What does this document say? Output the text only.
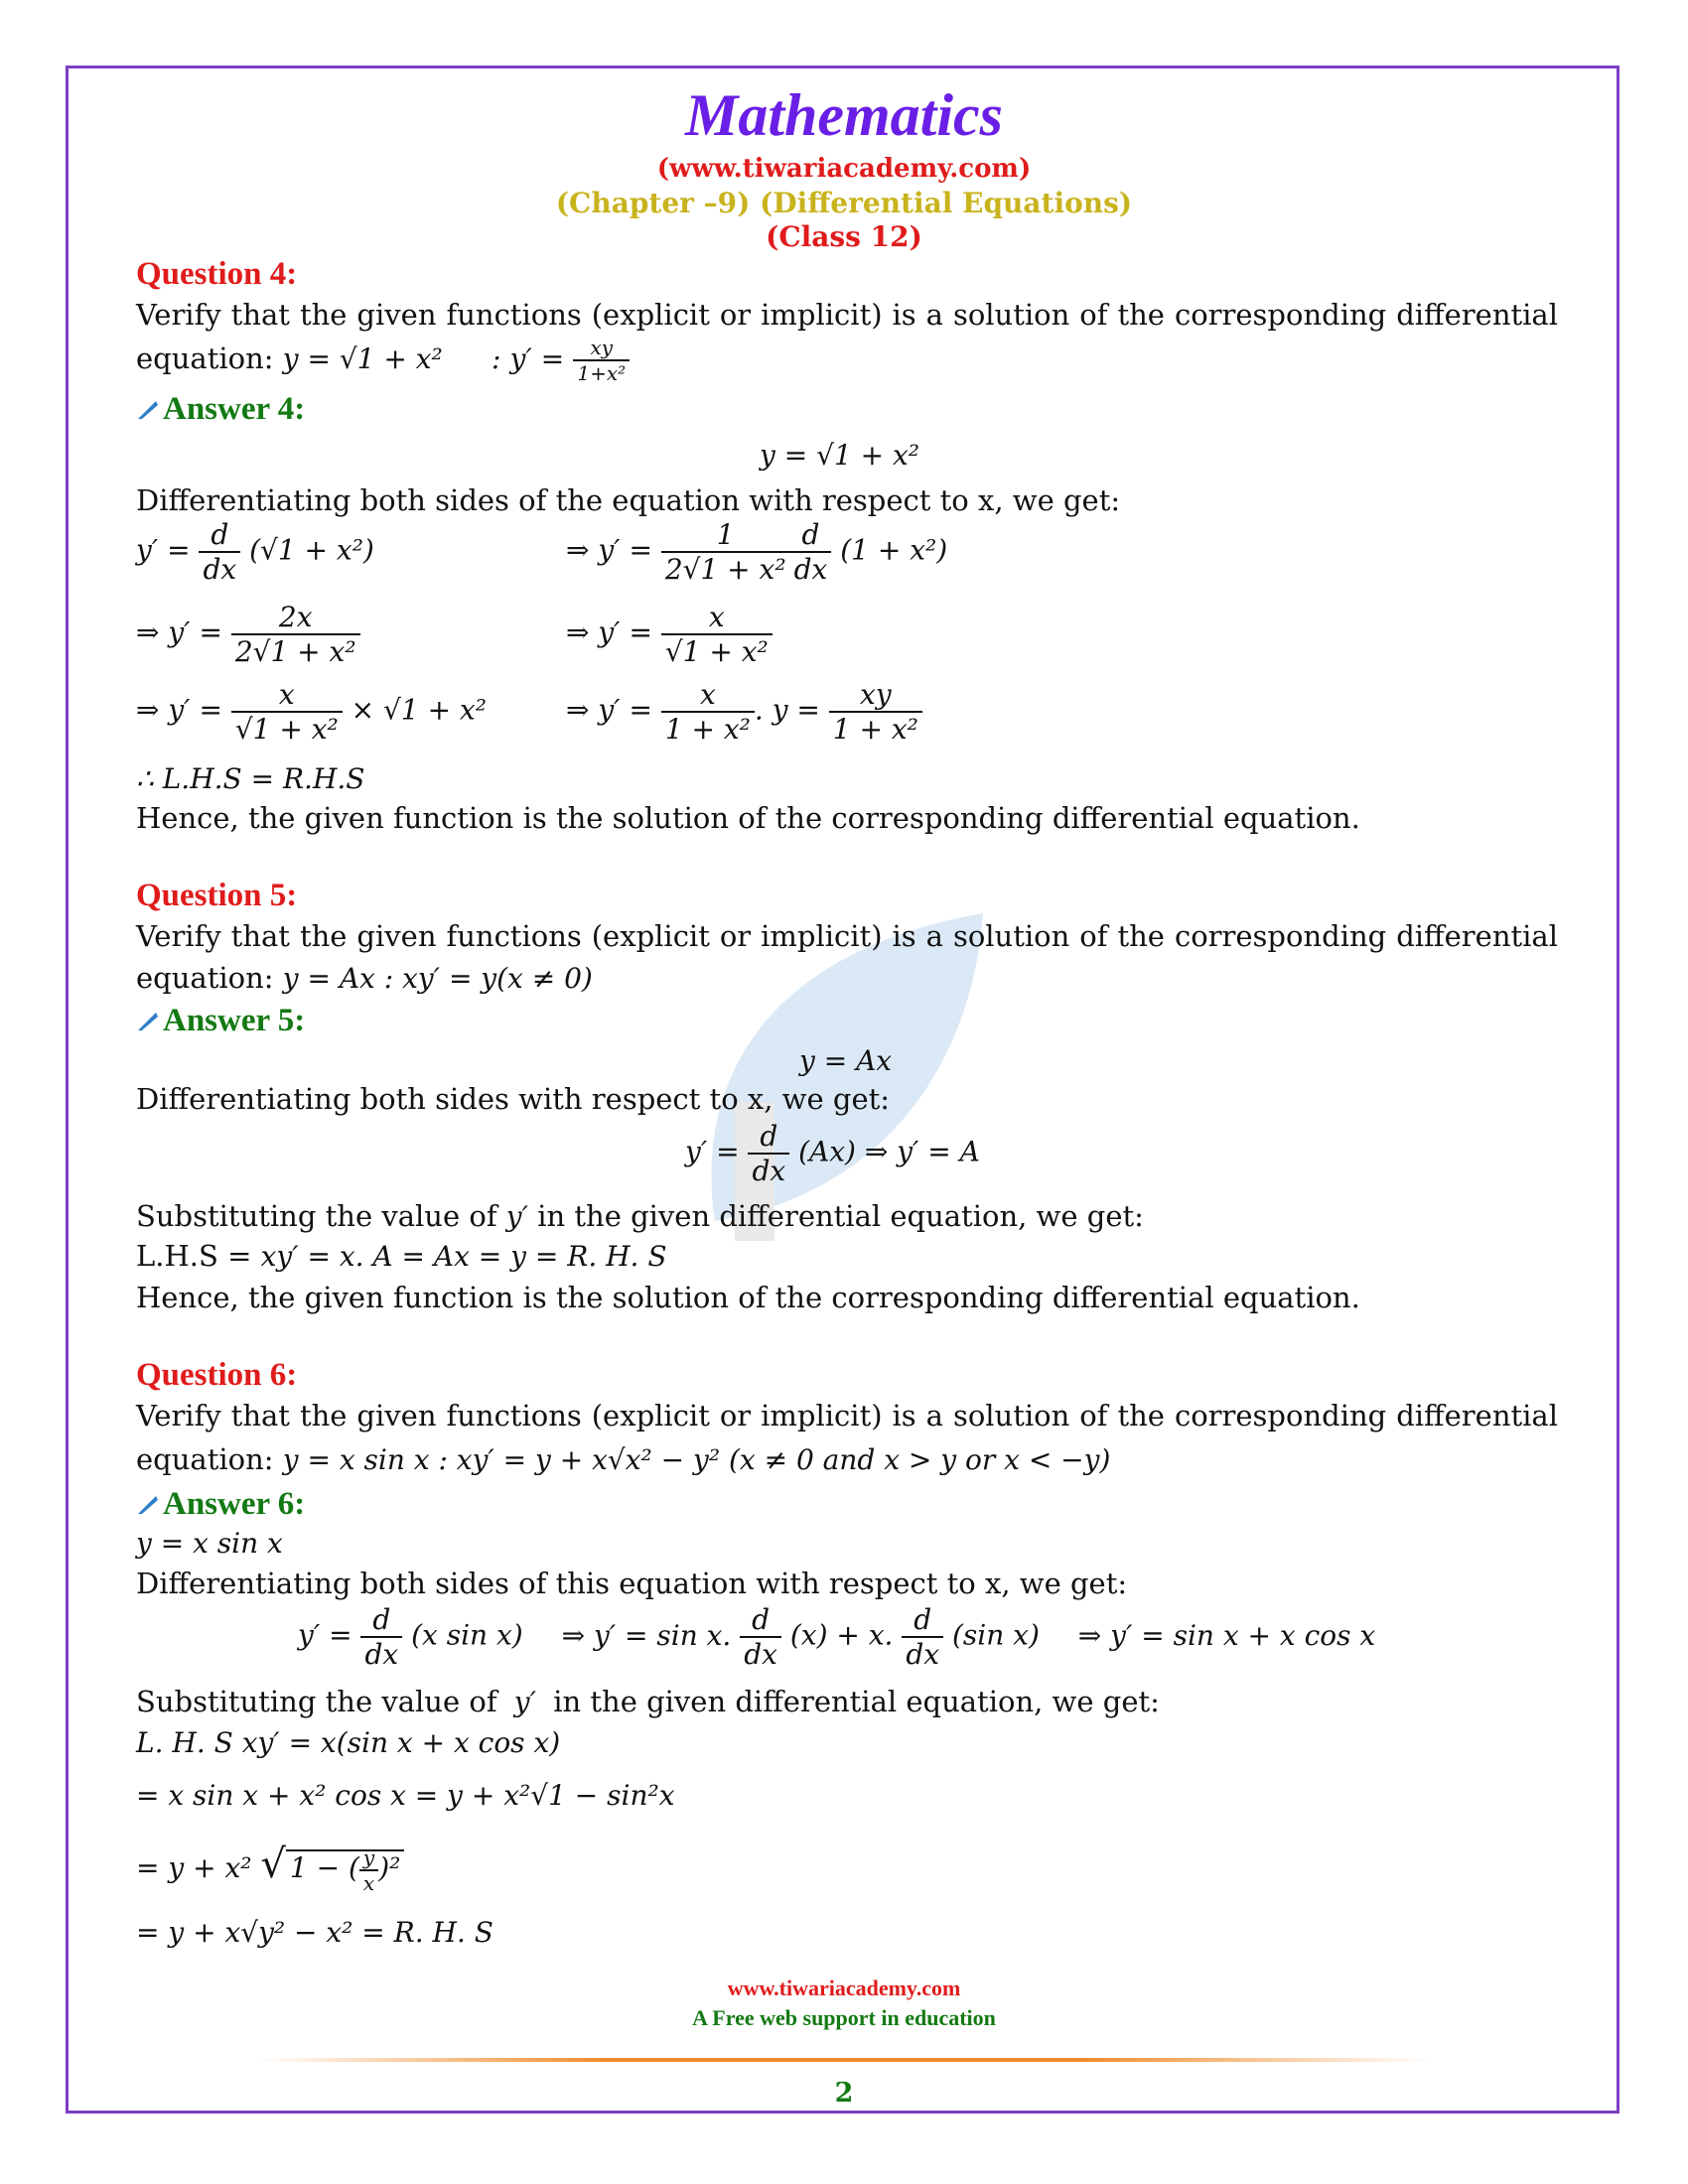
Mathematics
(www.tiwariacademy.com)
(Chapter –9) (Differential Equations)
(Class 12)
Question 4:
Verify that the given functions (explicit or implicit) is a solution of the corresponding differential
equation: y = √1 + x² : $y' = \frac{xy}{\text{1+x²}}$
Answer 4:
y = √1 + x²
Differentiating both sides of the equation with respect to x, we get:
$y' = \frac{d}{dx} (√1 + x^2)$	⇒ $y' = \frac{1}{\text{2√1 + x²}} \frac{d}{dx} (1 + x^2)$
⇒ $y' = \frac{2x}{\text{2√1 + x²}}$	⇒ $y' = \frac{x}{\text{√1 + x²}}$
⇒ $y' = \frac{x}{\text{√1 + x²}} \times √1 + x^2$	⇒ $y' = \frac{x}{\text{1 + x²}}$ . $y = \frac{xy}{\text{1 + x²}}$
∴ L.H.S = R.H.S
Hence, the given function is the solution of the corresponding differential equation.
Question 5:
Verify that the given functions (explicit or implicit) is a solution of the corresponding differential
equation: y = Ax : xy′ = y(x ≠ 0)
Answer 5:
y = Ax
Differentiating both sides with respect to x, we get:
$y' = \frac{d}{dx} (Ax)$ ⇒ y′ = A
Substituting the value of y′ in the given differential equation, we get:
L.H.S = xy′ = x. A = Ax = y = R. H. S
Hence, the given function is the solution of the corresponding differential equation.
Question 6:
Verify that the given functions (explicit or implicit) is a solution of the corresponding differential
equation: y = x sin x : xy′ = y + x√x² − y² (x ≠ 0 and x > y or x < −y)
Answer 6:
y = x sin x
Differentiating both sides of this equation with respect to x, we get:
$y' = \frac{d}{dx} (x$ sin x) ⇒ y′ = sin x. $\frac{d}{dx} (x) + x$. $\frac{d}{dx} (\sin$ x) ⇒ y′ = sin x + x cos x
Substituting the value of y′ in the given differential equation, we get:
L. H. S xy′ = x(sin x + x cos x)
= x sin x + x² cos x = y + x²√1 − sin²x
= y + x² √ 1 − ( $\frac{y}{x} )^2$
= y + x√y² − x² = R. H. S
www.tiwariacademy.com
A Free web support in education
2
